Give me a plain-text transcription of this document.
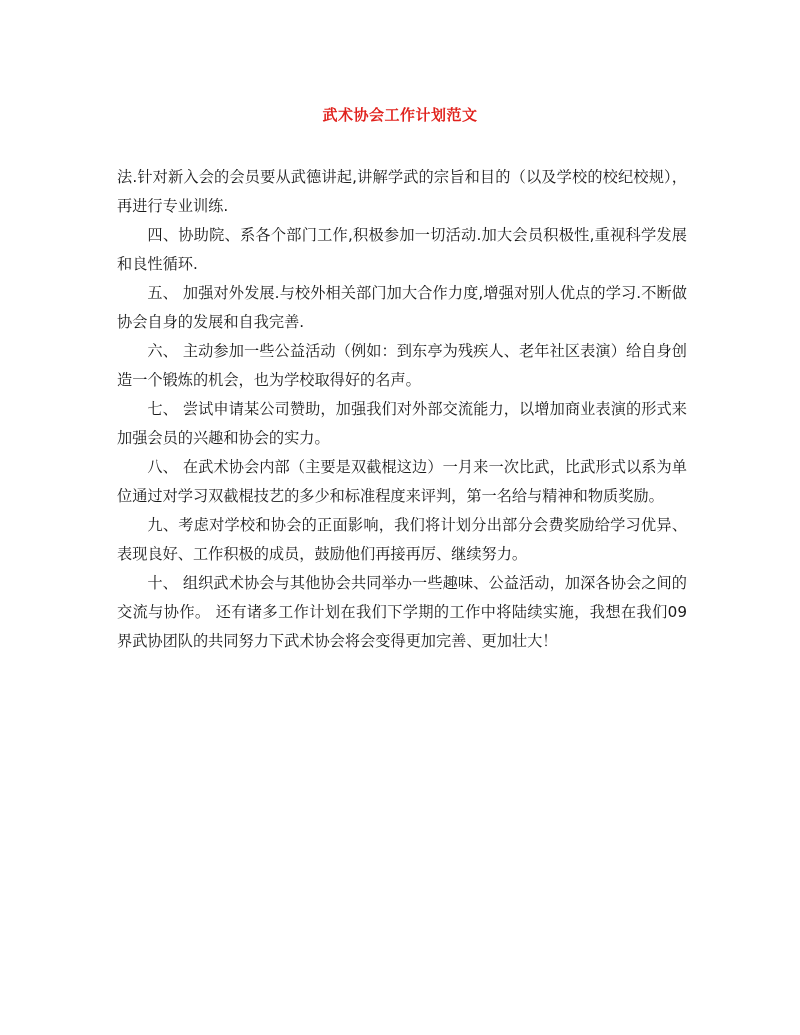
武术协会工作计划范文

法.针对新入会的会员要从武德讲起,讲解学武的宗旨和目的（以及学校的校纪校规），再进行专业训练.

四、协助院、系各个部门工作,积极参加一切活动.加大会员积极性,重视科学发展和良性循环.

五、 加强对外发展.与校外相关部门加大合作力度,增强对别人优点的学习.不断做协会自身的发展和自我完善.

六、 主动参加一些公益活动（例如：到东亭为残疾人、老年社区表演）给自身创造一个锻炼的机会，也为学校取得好的名声。

七、 尝试申请某公司赞助，加强我们对外部交流能力，以增加商业表演的形式来加强会员的兴趣和协会的实力。

八、 在武术协会内部（主要是双截棍这边）一月来一次比武，比武形式以系为单位通过对学习双截棍技艺的多少和标准程度来评判，第一名给与精神和物质奖励。

九、考虑对学校和协会的正面影响，我们将计划分出部分会费奖励给学习优异、表现良好、工作积极的成员，鼓励他们再接再厉、继续努力。

十、 组织武术协会与其他协会共同举办一些趣味、公益活动，加深各协会之间的交流与协作。 还有诸多工作计划在我们下学期的工作中将陆续实施，我想在我们09界武协团队的共同努力下武术协会将会变得更加完善、更加壮大！
